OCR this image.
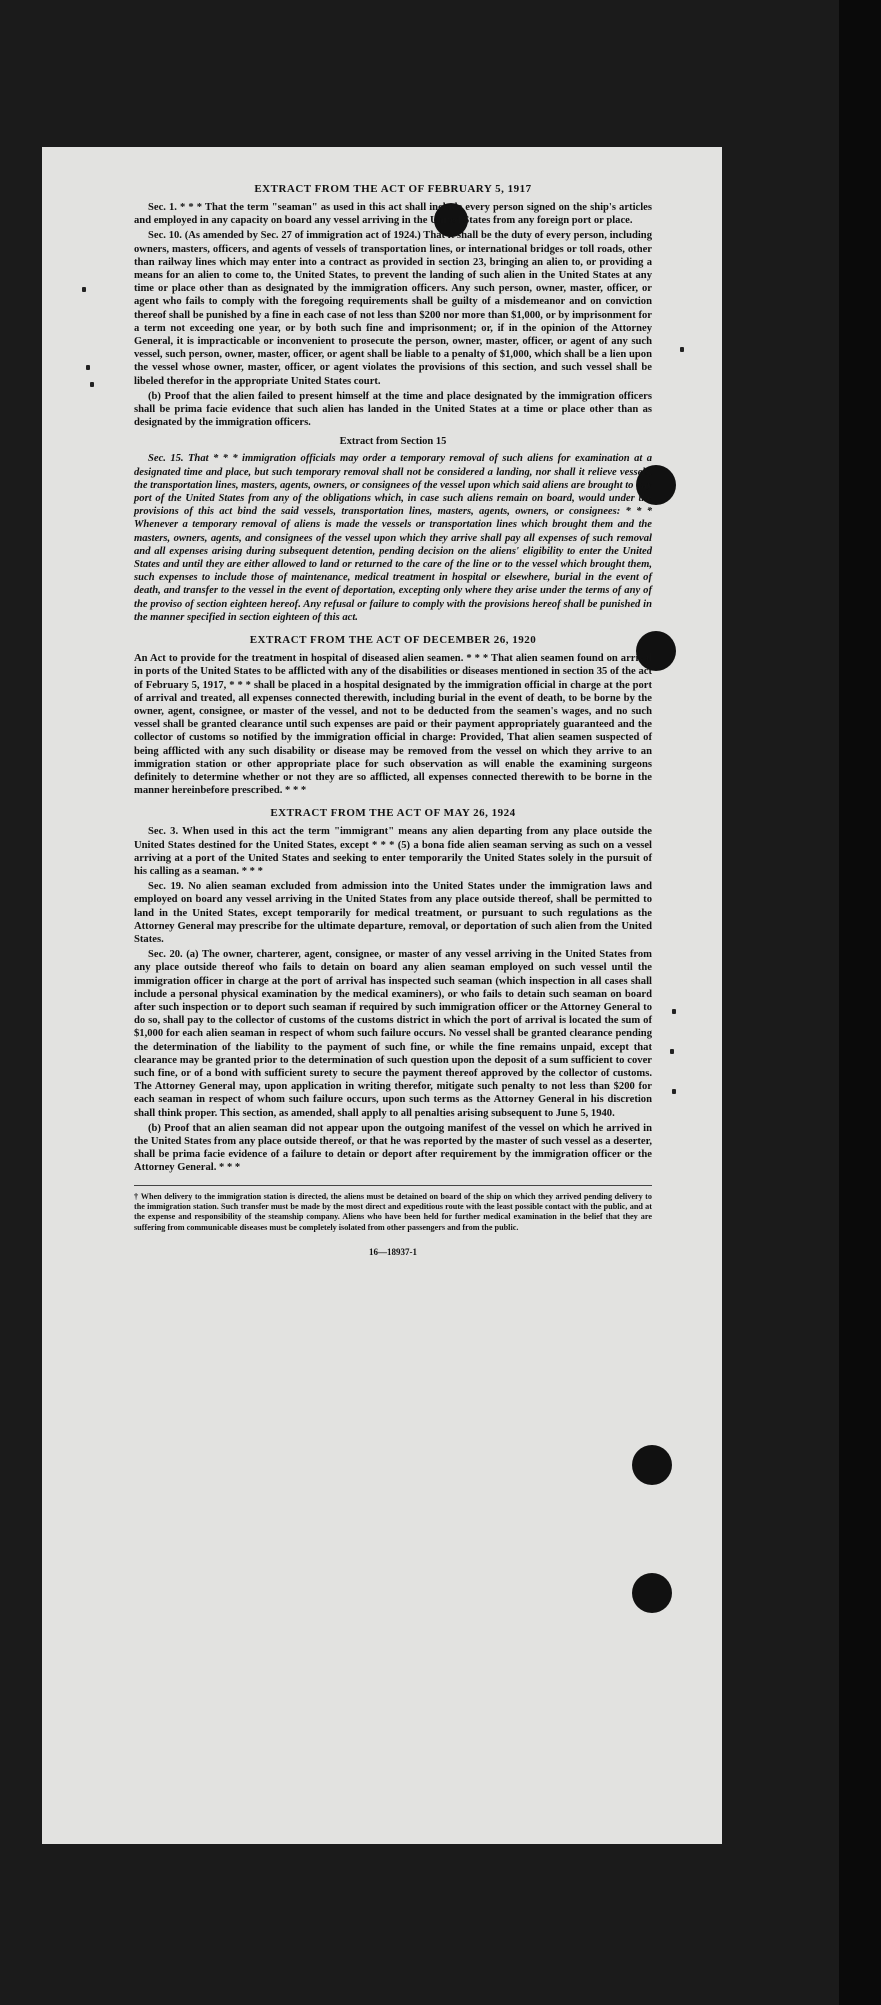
EXTRACT FROM THE ACT OF FEBRUARY 5, 1917

Sec. 1. * * * That the term "seaman" as used in this act shall include every person signed on the ship's articles and employed in any capacity on board any vessel arriving in the United States from any foreign port or place.

Sec. 10. (As amended by Sec. 27 of immigration act of 1924.) That it shall be the duty of every person, including owners, masters, officers, and agents of vessels of transportation lines, or international bridges or toll roads, other than railway lines which may enter into a contract as provided in section 23, bringing an alien to, or providing a means for an alien to come to, the United States, to prevent the landing of such alien in the United States at any time or place other than as designated by the immigration officers. Any such person, owner, master, officer, or agent who fails to comply with the foregoing requirements shall be guilty of a misdemeanor and on conviction thereof shall be punished by a fine in each case of not less than $200 nor more than $1,000, or by imprisonment for a term not exceeding one year, or by both such fine and imprisonment; or, if in the opinion of the Attorney General, it is impracticable or inconvenient to prosecute the person, owner, master, officer, or agent of any such vessel, such person, owner, master, officer, or agent shall be liable to a penalty of $1,000, which shall be a lien upon the vessel whose owner, master, officer, or agent violates the provisions of this section, and such vessel shall be libeled therefor in the appropriate United States court.

(b) Proof that the alien failed to present himself at the time and place designated by the immigration officers shall be prima facie evidence that such alien has landed in the United States at a time or place other than as designated by the immigration officers.

Extract from Section 15

Sec. 15. That * * * immigration officials may order a temporary removal of such aliens for examination at a designated time and place, but such temporary removal shall not be considered a landing, nor shall it relieve vessels, the transportation lines, masters, agents, owners, or consignees of the vessel upon which said aliens are brought to any port of the United States from any of the obligations which, in case such aliens remain on board, would under the provisions of this act bind the said vessels, transportation lines, masters, agents, owners, or consignees: * * * Whenever a temporary removal of aliens is made the vessels or transportation lines which brought them and the masters, owners, agents, and consignees of the vessel upon which they arrive shall pay all expenses of such removal and all expenses arising during subsequent detention, pending decision on the aliens' eligibility to enter the United States and until they are either allowed to land or returned to the care of the line or to the vessel which brought them, such expenses to include those of maintenance, medical treatment in hospital or elsewhere, burial in the event of death, and transfer to the vessel in the event of deportation, excepting only where they arise under the terms of any of the proviso of section eighteen hereof. Any refusal or failure to comply with the provisions hereof shall be punished in the manner specified in section eighteen of this act.

EXTRACT FROM THE ACT OF DECEMBER 26, 1920

An Act to provide for the treatment in hospital of diseased alien seamen. * * * That alien seamen found on arrival in ports of the United States to be afflicted with any of the disabilities or diseases mentioned in section 35 of the act of February 5, 1917, * * * shall be placed in a hospital designated by the immigration official in charge at the port of arrival and treated, all expenses connected therewith, including burial in the event of death, to be borne by the owner, agent, consignee, or master of the vessel, and not to be deducted from the seamen's wages, and no such vessel shall be granted clearance until such expenses are paid or their payment appropriately guaranteed and the collector of customs so notified by the immigration official in charge: Provided, That alien seamen suspected of being afflicted with any such disability or disease may be removed from the vessel on which they arrive to an immigration station or other appropriate place for such observation as will enable the examining surgeons definitely to determine whether or not they are so afflicted, all expenses connected therewith to be borne in the manner hereinbefore prescribed. * * *

EXTRACT FROM THE ACT OF MAY 26, 1924

Sec. 3. When used in this act the term "immigrant" means any alien departing from any place outside the United States destined for the United States, except * * * (5) a bona fide alien seaman serving as such on a vessel arriving at a port of the United States and seeking to enter temporarily the United States solely in the pursuit of his calling as a seaman. * * *

Sec. 19. No alien seaman excluded from admission into the United States under the immigration laws and employed on board any vessel arriving in the United States from any place outside thereof, shall be permitted to land in the United States, except temporarily for medical treatment, or pursuant to such regulations as the Attorney General may prescribe for the ultimate departure, removal, or deportation of such alien from the United States.

Sec. 20. (a) The owner, charterer, agent, consignee, or master of any vessel arriving in the United States from any place outside thereof who fails to detain on board any alien seaman employed on such vessel until the immigration officer in charge at the port of arrival has inspected such seaman (which inspection in all cases shall include a personal physical examination by the medical examiners), or who fails to detain such seaman on board after such inspection or to deport such seaman if required by such immigration officer or the Attorney General to do so, shall pay to the collector of customs of the customs district in which the port of arrival is located the sum of $1,000 for each alien seaman in respect of whom such failure occurs. No vessel shall be granted clearance pending the determination of the liability to the payment of such fine, or while the fine remains unpaid, except that clearance may be granted prior to the determination of such question upon the deposit of a sum sufficient to cover such fine, or of a bond with sufficient surety to secure the payment thereof approved by the collector of customs. The Attorney General may, upon application in writing therefor, mitigate such penalty to not less than $200 for each seaman in respect of whom such failure occurs, upon such terms as the Attorney General in his discretion shall think proper. This section, as amended, shall apply to all penalties arising subsequent to June 5, 1940.

(b) Proof that an alien seaman did not appear upon the outgoing manifest of the vessel on which he arrived in the United States from any place outside thereof, or that he was reported by the master of such vessel as a deserter, shall be prima facie evidence of a failure to detain or deport after requirement by the immigration officer or the Attorney General. * * *

† When delivery to the immigration station is directed, the aliens must be detained on board of the ship on which they arrived pending delivery to the immigration station. Such transfer must be made by the most direct and expeditious route with the least possible contact with the public, and at the expense and responsibility of the steamship company. Aliens who have been held for further medical examination in the belief that they are suffering from communicable diseases must be completely isolated from other passengers and from the public.
16—18937-1
